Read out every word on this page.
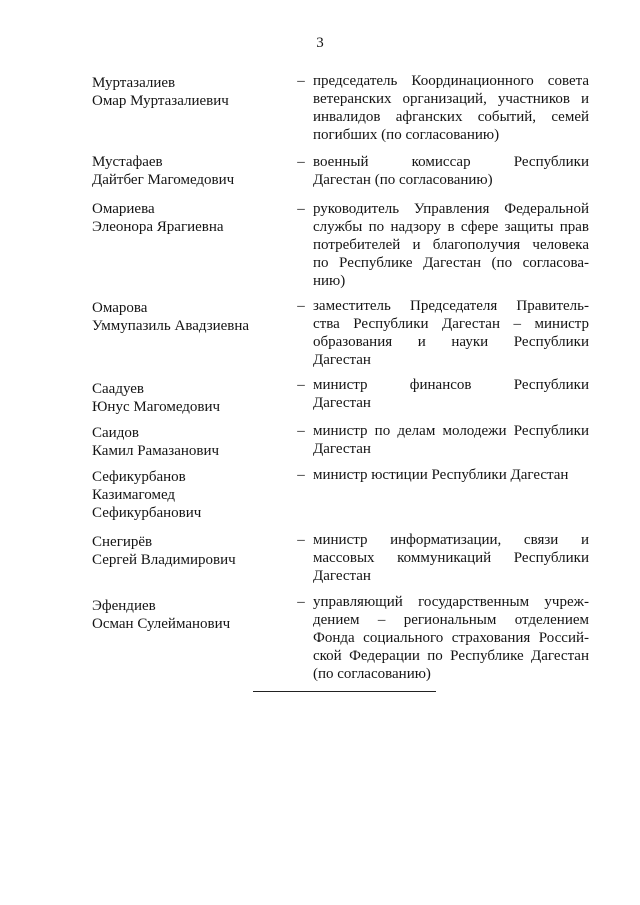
3
Муртазалиев
Омар Муртазалиевич
– председатель Координационного совета
ветеранских организаций, участников и
инвалидов афганских событий, семей
погибших (по согласованию)
Мустафаев
Дайтбег Магомедович
– военный комиссар Республики
Дагестан (по согласованию)
Омариева
Элеонора Ярагиевна
– руководитель Управления Федеральной
службы по надзору в сфере защиты прав
потребителей и благополучия человека
по Республике Дагестан (по согласова-
нию)
Омарова
Уммупазиль Авадзиевна
– заместитель Председателя Правитель-
ства Республики Дагестан – министр
образования и науки Республики
Дагестан
Саадуев
Юнус Магомедович
– министр финансов Республики
Дагестан
Саидов
Камил Рамазанович
– министр по делам молодежи Республики
Дагестан
Сефикурбанов
Казимагомед
Сефикурбанович
– министр юстиции Республики Дагестан
Снегирёв
Сергей Владимирович
– министр информатизации, связи и
массовых коммуникаций Республики
Дагестан
Эфендиев
Осман Сулейманович
– управляющий государственным учреж-
дением – региональным отделением
Фонда социального страхования Россий-
ской Федерации по Республике Дагестан
(по согласованию)
